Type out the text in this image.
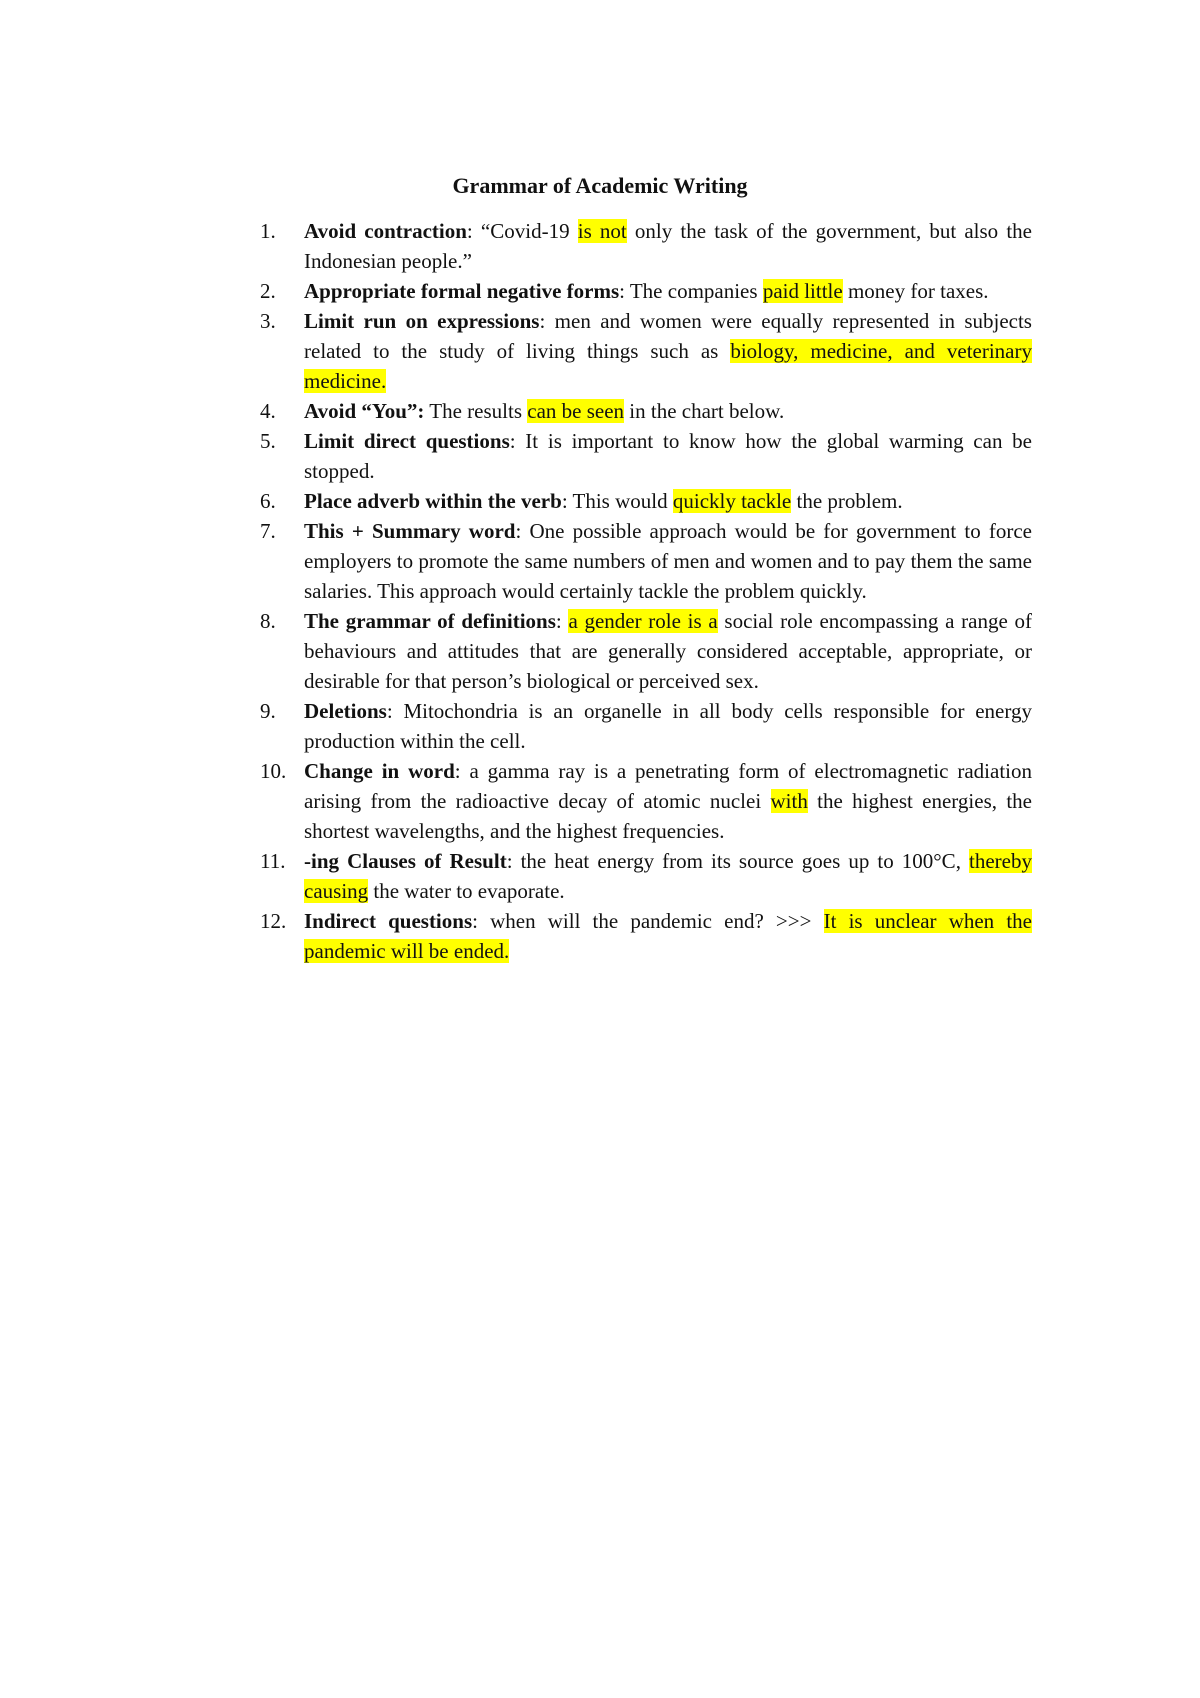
Grammar of Academic Writing
1.	Avoid contraction: “Covid-19 is not only the task of the government, but also the Indonesian people.”
2.	Appropriate formal negative forms: The companies paid little money for taxes.
3.	Limit run on expressions: men and women were equally represented in subjects related to the study of living things such as biology, medicine, and veterinary medicine.
4.	Avoid “You”: The results can be seen in the chart below.
5.	Limit direct questions: It is important to know how the global warming can be stopped.
6.	Place adverb within the verb: This would quickly tackle the problem.
7.	This + Summary word: One possible approach would be for government to force employers to promote the same numbers of men and women and to pay them the same salaries. This approach would certainly tackle the problem quickly.
8.	The grammar of definitions: a gender role is a social role encompassing a range of behaviours and attitudes that are generally considered acceptable, appropriate, or desirable for that person’s biological or perceived sex.
9.	Deletions: Mitochondria is an organelle in all body cells responsible for energy production within the cell.
10. Change in word: a gamma ray is a penetrating form of electromagnetic radiation arising from the radioactive decay of atomic nuclei with the highest energies, the shortest wavelengths, and the highest frequencies.
11. -ing Clauses of Result: the heat energy from its source goes up to 100°C, thereby causing the water to evaporate.
12. Indirect questions: when will the pandemic end? >>> It is unclear when the pandemic will be ended.
